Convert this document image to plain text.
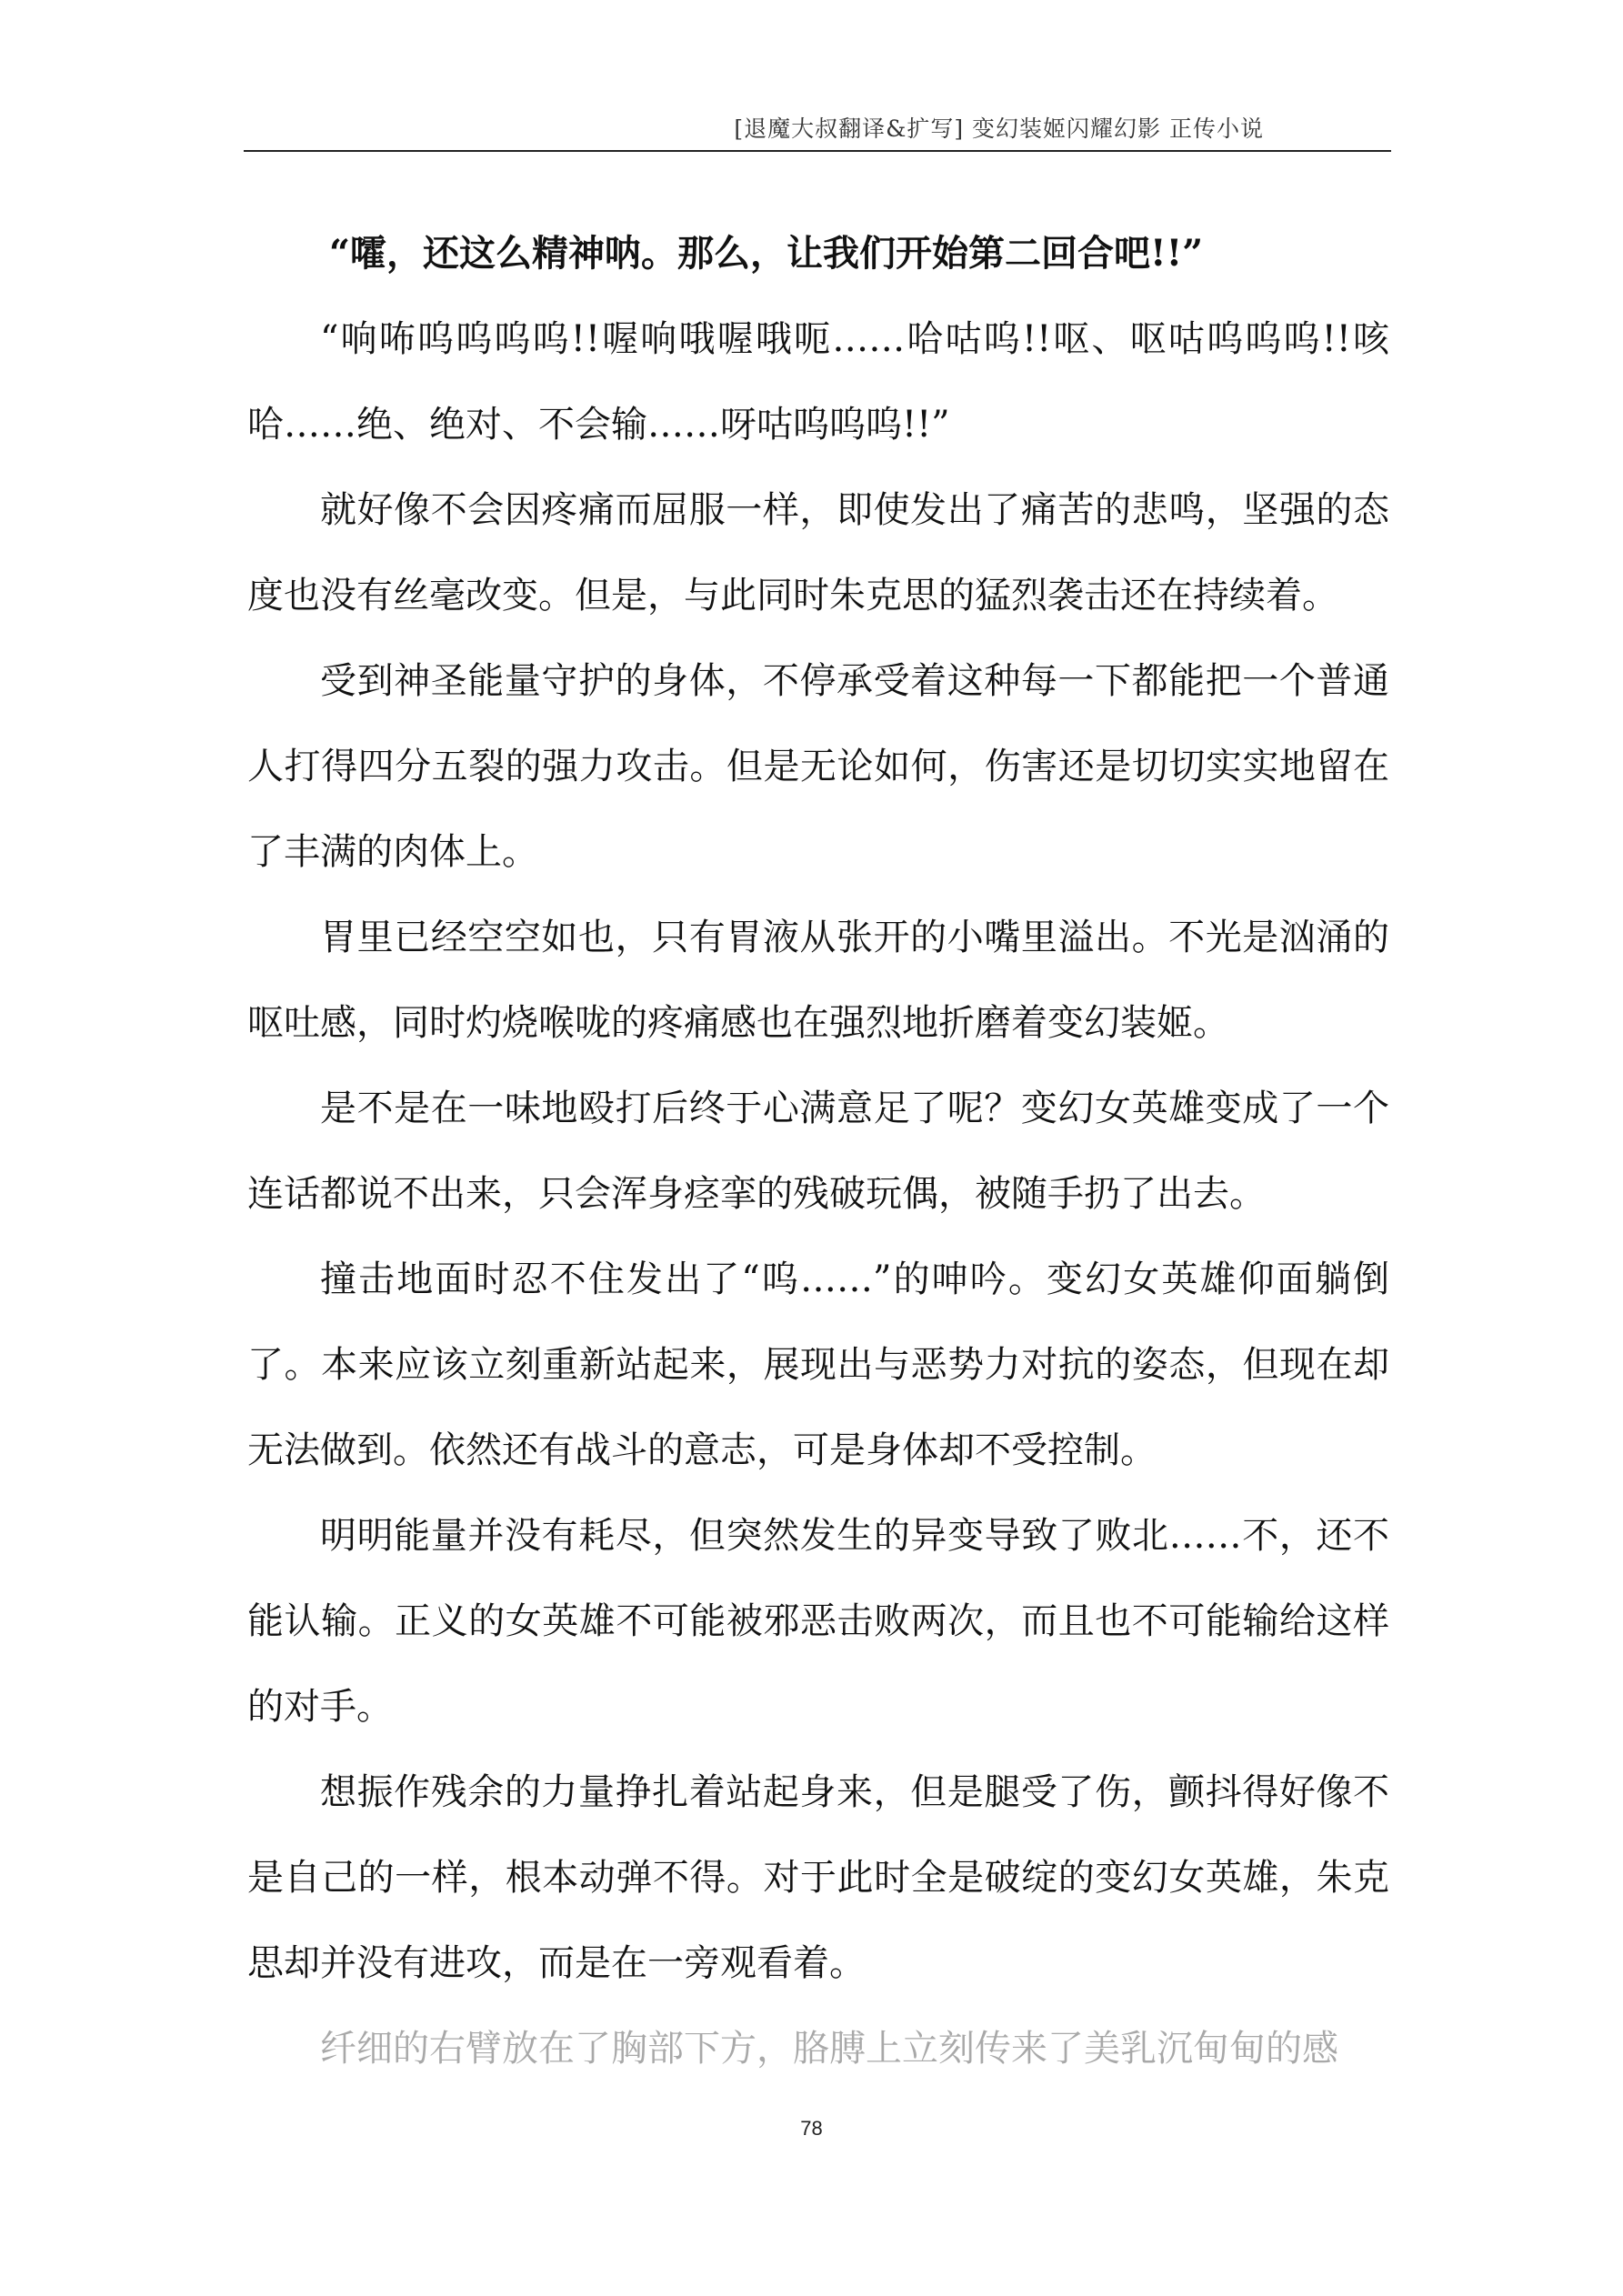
[退魔大叔翻译&扩写] 变幻装姬闪耀幻影 正传小说

“嚯，还这么精神呐。那么，让我们开始第二回合吧!!”

“响咘呜呜呜呜!!喔响哦喔哦呃……哈咕呜!!呕、呕咕呜呜呜!!咳哈……绝、绝对、不会输……呀咕呜呜呜!!”

就好像不会因疼痛而屈服一样，即使发出了痛苦的悲鸣，坚强的态度也没有丝毫改变。但是，与此同时朱克思的猛烈袭击还在持续着。

受到神圣能量守护的身体，不停承受着这种每一下都能把一个普通人打得四分五裂的强力攻击。但是无论如何，伤害还是切切实实地留在了丰满的肉体上。

胃里已经空空如也，只有胃液从张开的小嘴里溢出。不光是汹涌的呕吐感，同时灼烧喉咙的疼痛感也在强烈地折磨着变幻装姬。

是不是在一味地殴打后终于心满意足了呢？变幻女英雄变成了一个连话都说不出来，只会浑身痉挛的残破玩偶，被随手扔了出去。

撞击地面时忍不住发出了“呜……”的呻吟。变幻女英雄仰面躺倒了。本来应该立刻重新站起来，展现出与恶势力对抗的姿态，但现在却无法做到。依然还有战斗的意志，可是身体却不受控制。

明明能量并没有耗尽，但突然发生的异变导致了败北……不，还不能认输。正义的女英雄不可能被邪恶击败两次，而且也不可能输给这样的对手。

想振作残余的力量挣扎着站起身来，但是腿受了伤，颤抖得好像不是自己的一样，根本动弹不得。对于此时全是破绽的变幻女英雄，朱克思却并没有进攻，而是在一旁观看着。

纤细的右臂放在了胸部下方，胳膊上立刻传来了美乳沉甸甸的感

78
